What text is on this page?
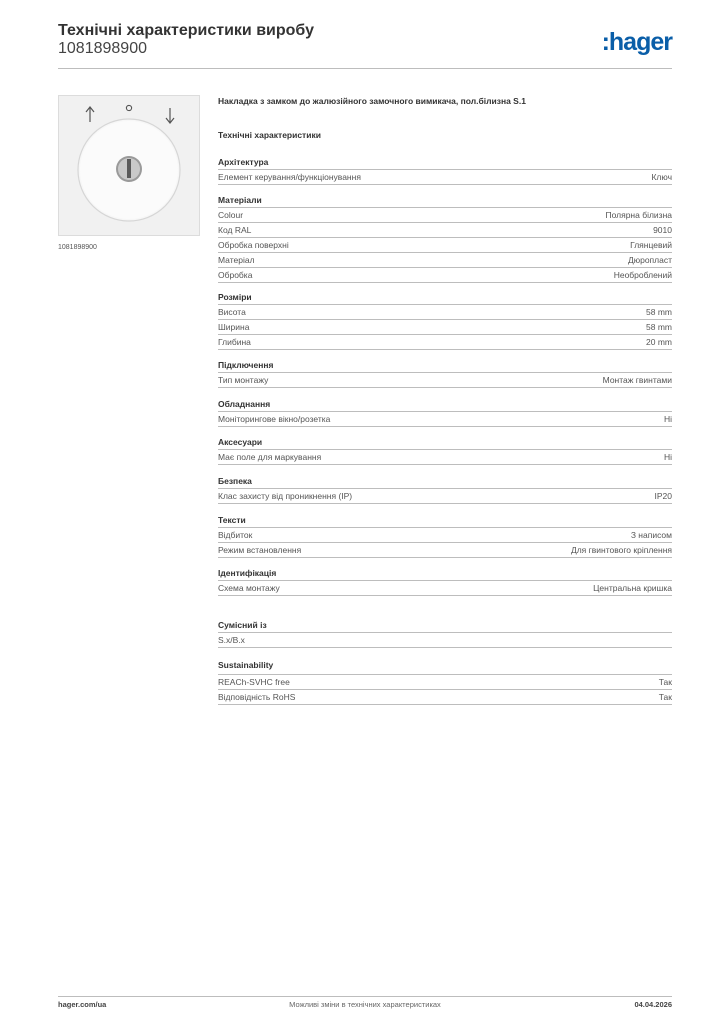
Технічні характеристики виробу
1081898900	:hager
1081898900
Накладка з замком до жалюзійного замочного вимикача, пол.білизна S.1
Технічні характеристики
Архітектура
Елемент керування/функціонування	Ключ
Матеріали
Colour	Полярна білизна
Код RAL	9010
Обробка поверхні	Глянцевий
Матеріал	Дюропласт
Обробка	Необроблений
Розміри
Висота	58 mm
Ширина	58 mm
Глибина	20 mm
Підключення
Тип монтажу	Монтаж гвинтами
Обладнання
Моніторингове вікно/розетка	Ні
Аксесуари
Має поле для маркування	Ні
Безпека
Клас захисту від проникнення (IP)	IP20
Тексти
Відбиток	З написом
Режим встановлення	Для гвинтового кріплення
Ідентифікація
Схема монтажу	Центральна кришка
Сумісний із
S.x/B.x
Sustainability
REACh-SVHC free	Так
Відповідність RoHS	Так
hager.com/ua	Можливі зміни в технічних характеристиках	04.04.2026
